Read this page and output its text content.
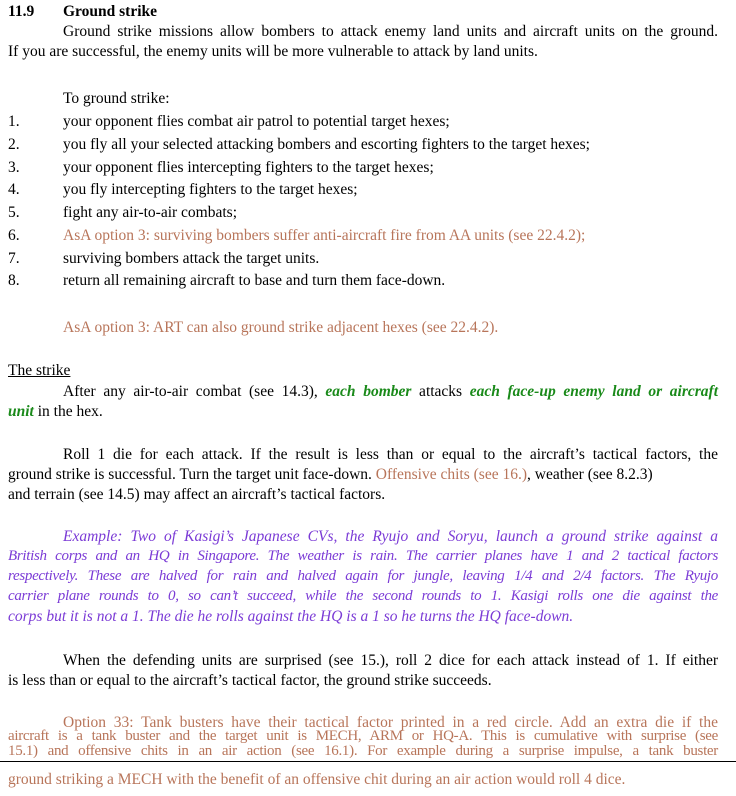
11.9 Ground strike
Ground strike missions allow bombers to attack enemy land units and aircraft units on the ground.
If you are successful, the enemy units will be more vulnerable to attack by land units.
To ground strike:
1.	your opponent flies combat air patrol to potential target hexes;
2.	you fly all your selected attacking bombers and escorting fighters to the target hexes;
3.	your opponent flies intercepting fighters to the target hexes;
4.	you fly intercepting fighters to the target hexes;
5.	fight any air-to-air combats;
6.	AsA option 3: surviving bombers suffer anti-aircraft fire from AA units (see 22.4.2);
7.	surviving bombers attack the target units.
8.	return all remaining aircraft to base and turn them face-down.
AsA option 3: ART can also ground strike adjacent hexes (see 22.4.2).
The strike
After any air-to-air combat (see 14.3), each bomber attacks each face-up enemy land or aircraft
unit in the hex.
Roll 1 die for each attack. If the result is less than or equal to the aircraft’s tactical factors, the
ground strike is successful. Turn the target unit face-down. Offensive chits (see 16.), weather (see 8.2.3)
and terrain (see 14.5) may affect an aircraft’s tactical factors.
Example: Two of Kasigi’s Japanese CVs, the Ryujo and Soryu, launch a ground strike against a
British corps and an HQ in Singapore. The weather is rain. The carrier planes have 1 and 2 tactical factors
respectively. These are halved for rain and halved again for jungle, leaving 1/4 and 2/4 factors. The Ryujo
carrier plane rounds to 0, so can’t succeed, while the second rounds to 1. Kasigi rolls one die against the
corps but it is not a 1. The die he rolls against the HQ is a 1 so he turns the HQ face-down.
When the defending units are surprised (see 15.), roll 2 dice for each attack instead of 1. If either
is less than or equal to the aircraft’s tactical factor, the ground strike succeeds.
Option 33: Tank busters have their tactical factor printed in a red circle. Add an extra die if the
aircraft is a tank buster and the target unit is MECH, ARM or HQ-A. This is cumulative with surprise (see
15.1) and offensive chits in an air action (see 16.1). For example during a surprise impulse, a tank buster
ground striking a MECH with the benefit of an offensive chit during an air action would roll 4 dice.
